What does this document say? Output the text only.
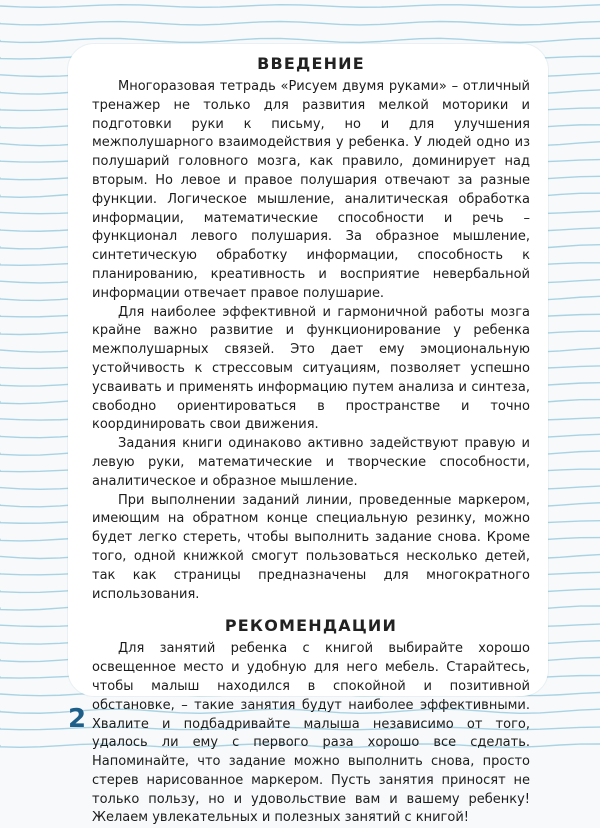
ВВЕДЕНИЕ

Многоразовая тетрадь «Рисуем двумя руками» – отличный тренажер не только для развития мелкой моторики и подготовки руки к письму, но и для улучшения межполушарного взаимодействия у ребенка. У людей одно из полушарий головного мозга, как правило, доминирует над вторым. Но левое и правое полушария отвечают за разные функции. Логическое мышление, аналитическая обработка информации, математические способности и речь – функционал левого полушария. За образное мышление, синтетическую обработку информации, способность к планированию, креативность и восприятие невербальной информации отвечает правое полушарие.

Для наиболее эффективной и гармоничной работы мозга крайне важно развитие и функционирование у ребенка межполушарных связей. Это дает ему эмоциональную устойчивость к стрессовым ситуациям, позволяет успешно усваивать и применять информацию путем анализа и синтеза, свободно ориентироваться в пространстве и точно координировать свои движения.

Задания книги одинаково активно задействуют правую и левую руки, математические и творческие способности, аналитическое и образное мышление.

При выполнении заданий линии, проведенные маркером, имеющим на обратном конце специальную резинку, можно будет легко стереть, чтобы выполнить задание снова. Кроме того, одной книжкой смогут пользоваться несколько детей, так как страницы предназначены для многократного использования.

РЕКОМЕНДАЦИИ

Для занятий ребенка с книгой выбирайте хорошо освещенное место и удобную для него мебель. Старайтесь, чтобы малыш находился в спокойной и позитивной обстановке, – такие занятия будут наиболее эффективными. Хвалите и подбадривайте малыша независимо от того, удалось ли ему с первого раза хорошо все сделать. Напоминайте, что задание можно выполнить снова, просто стерев нарисованное маркером. Пусть занятия приносят не только пользу, но и удовольствие вам и вашему ребенку! Желаем увлекательных и полезных занятий с книгой!

2
